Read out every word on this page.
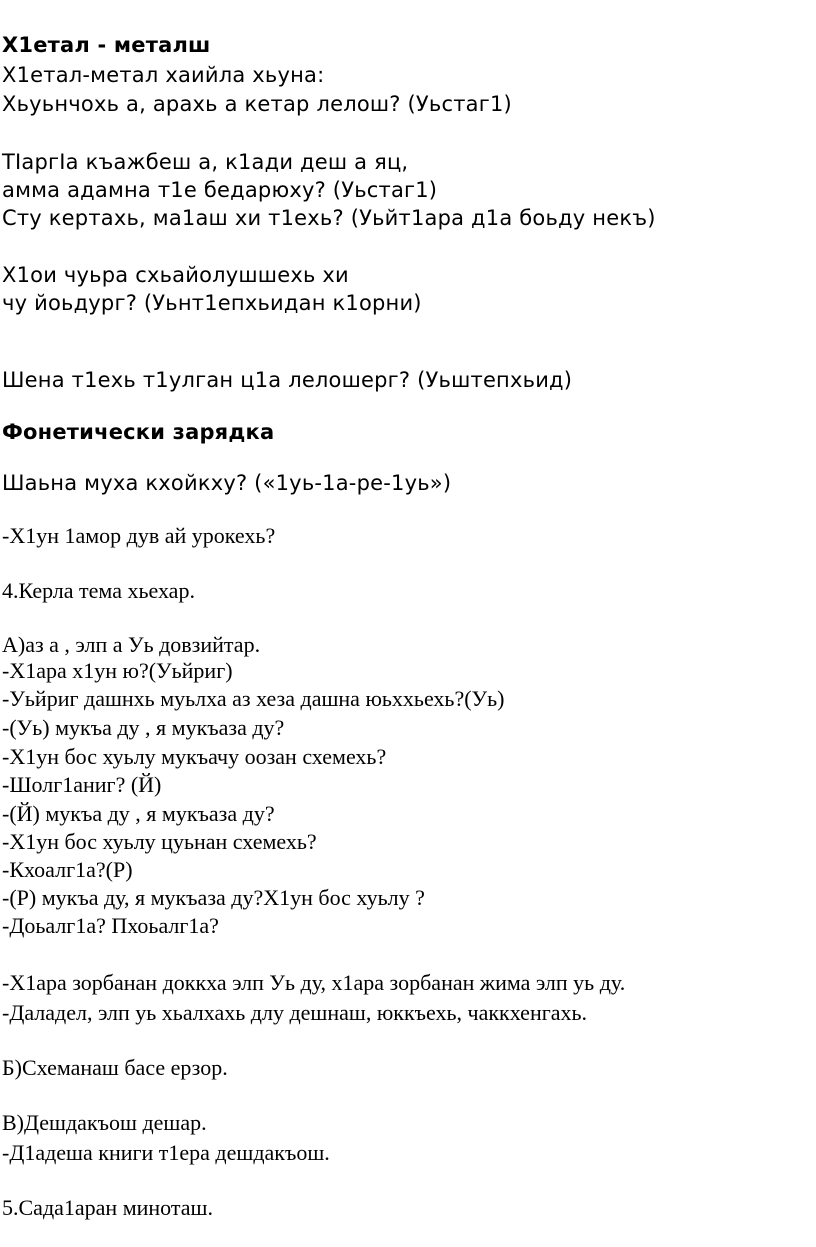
Х1етал - металш
Х1етал-метал хаийла хьуна:
Хьуьнчохь а, арахь а кетар лелош? (Уьстаг1)
ТIаргIа къажбеш а, к1ади деш а яц,
амма адамна т1е бедарюху? (Уьстаг1)
Сту кертахь, ма1аш хи т1ехь? (Уьйт1ара д1а боьду некъ)
Х1ои чуьра схьайолушшехь хи
чу йоьдург? (Уьнт1епхьидан к1орни)
Шена т1ехь т1улган ц1а лелошерг? (Уьштепхьид)
Фонетически зарядка
Шаьна муха кхойкху? («1уь-1а-ре-1уь»)
-Х1ун 1амор дув ай урокехь?
4.Керла тема хьехар.
А)аз а , элп а Уь довзийтар.
-Х1ара х1ун ю?(Уьйриг)
-Уьйриг дашнхь муьлха аз хеза дашна юьххьехь?(Уь)
-(Уь) мукъа ду , я мукъаза ду?
-Х1ун бос хуьлу мукъачу оозан схемехь?
-Шолг1аниг? (Й)
-(Й) мукъа ду , я мукъаза ду?
-Х1ун бос хуьлу цуьнан схемехь?
-Кхоалг1а?(Р)
-(Р) мукъа ду, я мукъаза ду?Х1ун бос хуьлу ?
-Доьалг1а? Пхоьалг1а?
-Х1ара зорбанан доккха элп Уь ду, х1ара зорбанан жима элп уь ду.
-Даладел, элп уь хьалхахь длу дешнаш, юккъехь, чаккхенгахь.
Б)Схеманаш басе ерзор.
В)Дешдакъош дешар.
-Д1адеша книги т1ера дешдакъош.
5.Сада1аран миноташ.
